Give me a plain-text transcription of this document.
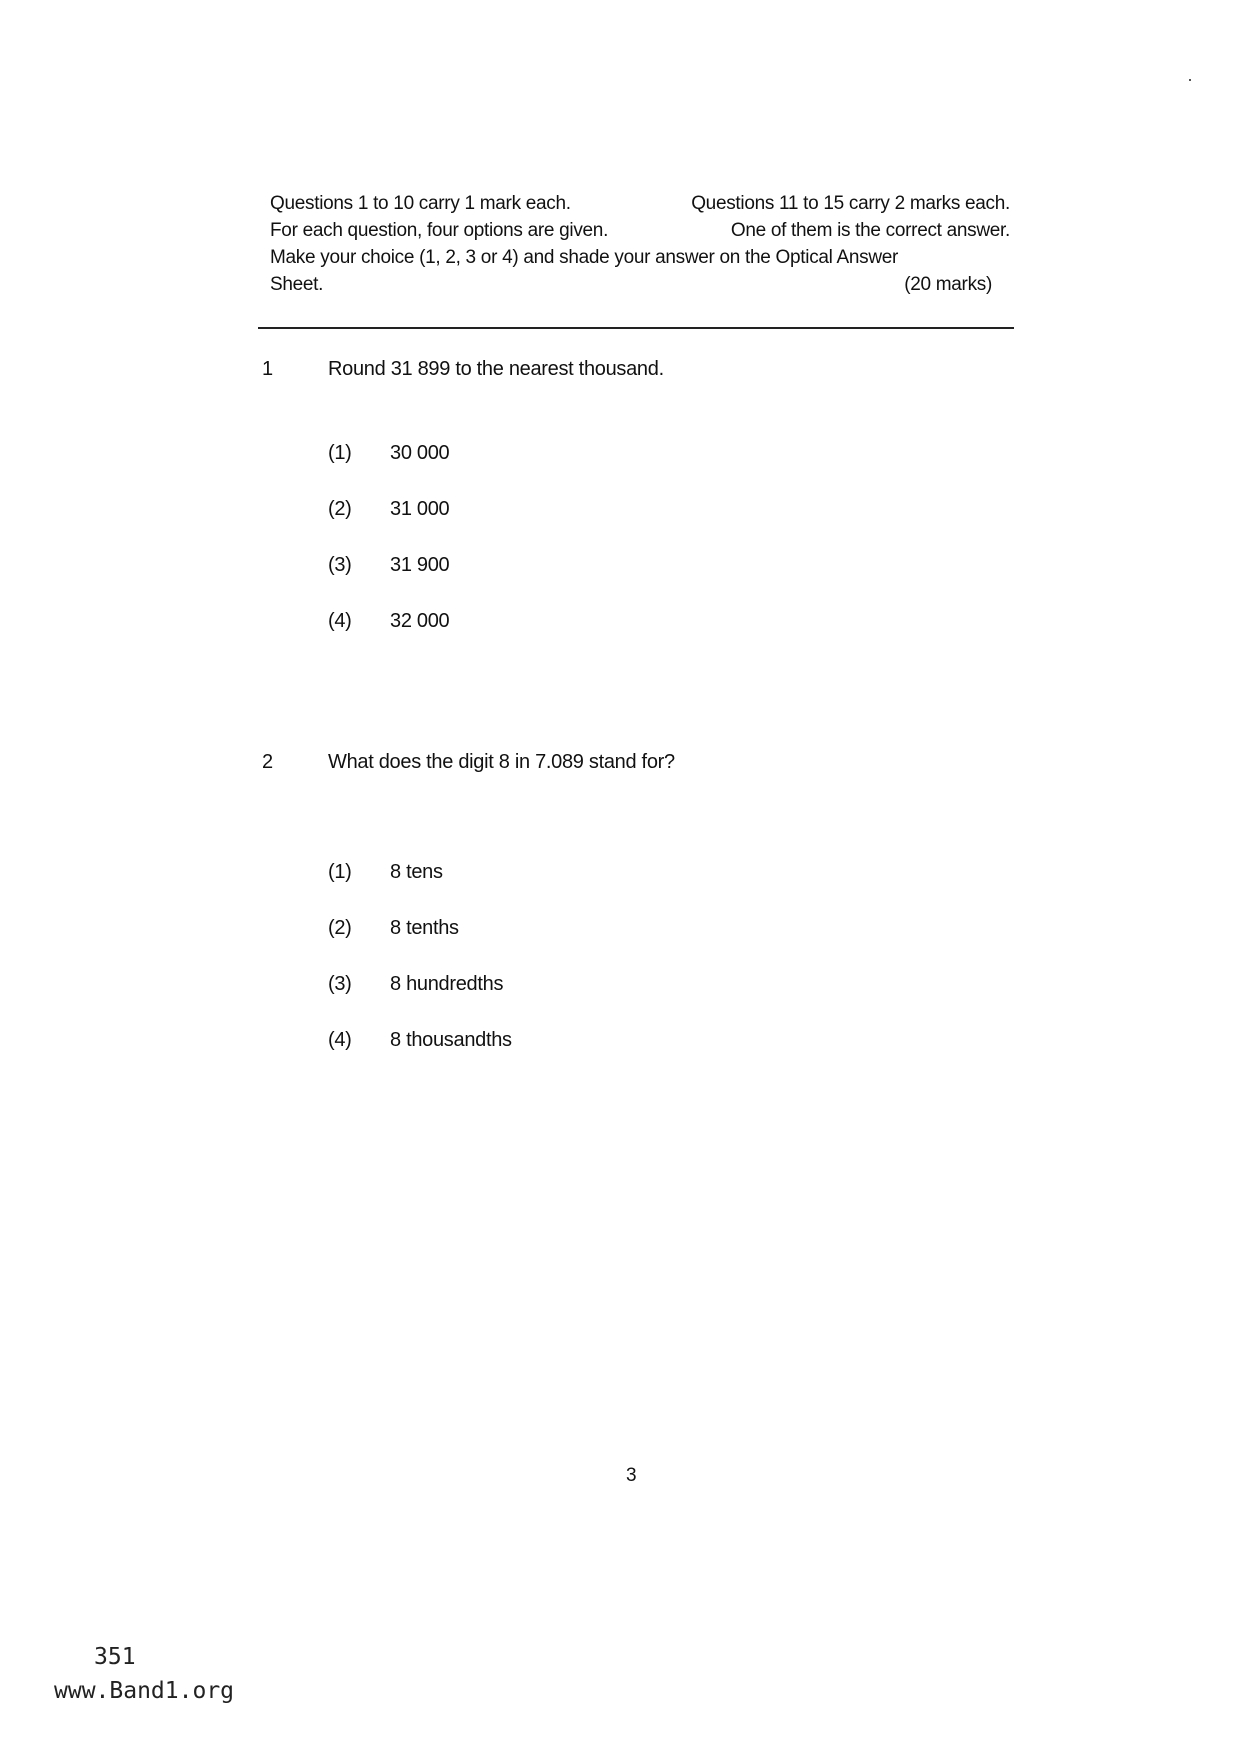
Questions 1 to 10 carry 1 mark each.	Questions 11 to 15 carry 2 marks each.
For each question, four options are given.	One of them is the correct answer.
Make your choice (1, 2, 3 or 4) and shade your answer on the Optical Answer
Sheet.	(20 marks)
1	Round 31 899 to the nearest thousand.
(1) 30 000
(2) 31 000
(3) 31 900
(4) 32 000
2	What does the digit 8 in 7.089 stand for?
(1) 8 tens
(2) 8 tenths
(3) 8 hundredths
(4) 8 thousandths
3
351
www.Band1.org
